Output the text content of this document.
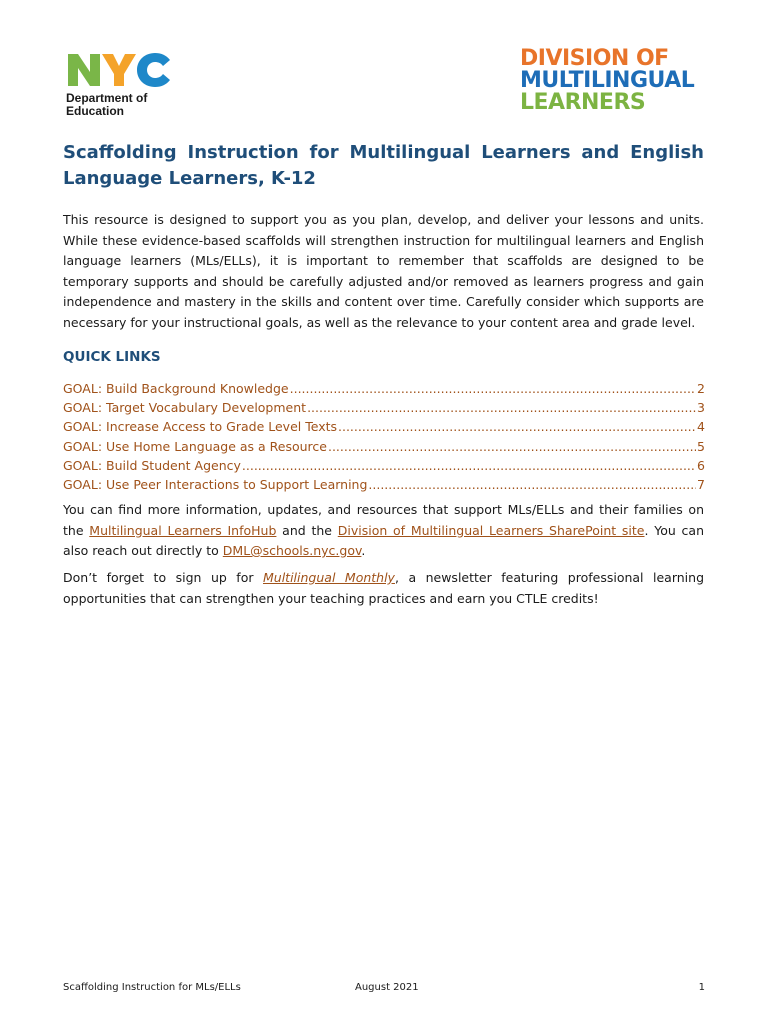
Department of
Education
DIVISION OF
MULTILINGUAL
LEARNERS
Scaffolding Instruction for Multilingual Learners and English Language Learners, K-12
This resource is designed to support you as you plan, develop, and deliver your lessons and units. While these evidence-based scaffolds will strengthen instruction for multilingual learners and English language learners (MLs/ELLs), it is important to remember that scaffolds are designed to be temporary supports and should be carefully adjusted and/or removed as learners progress and gain independence and mastery in the skills and content over time. Carefully consider which supports are necessary for your instructional goals, as well as the relevance to your content area and grade level.
QUICK LINKS
GOAL: Build Background Knowledge .....	2
GOAL: Target Vocabulary Development .....	3
GOAL: Increase Access to Grade Level Texts .....	4
GOAL: Use Home Language as a Resource .....	5
GOAL: Build Student Agency .....	6
GOAL: Use Peer Interactions to Support Learning .....	7
You can find more information, updates, and resources that support MLs/ELLs and their families on the Multilingual Learners InfoHub and the Division of Multilingual Learners SharePoint site. You can also reach out directly to DML@schools.nyc.gov.
Don’t forget to sign up for Multilingual Monthly, a newsletter featuring professional learning opportunities that can strengthen your teaching practices and earn you CTLE credits!
Scaffolding Instruction for MLs/ELLs	August 2021	1
